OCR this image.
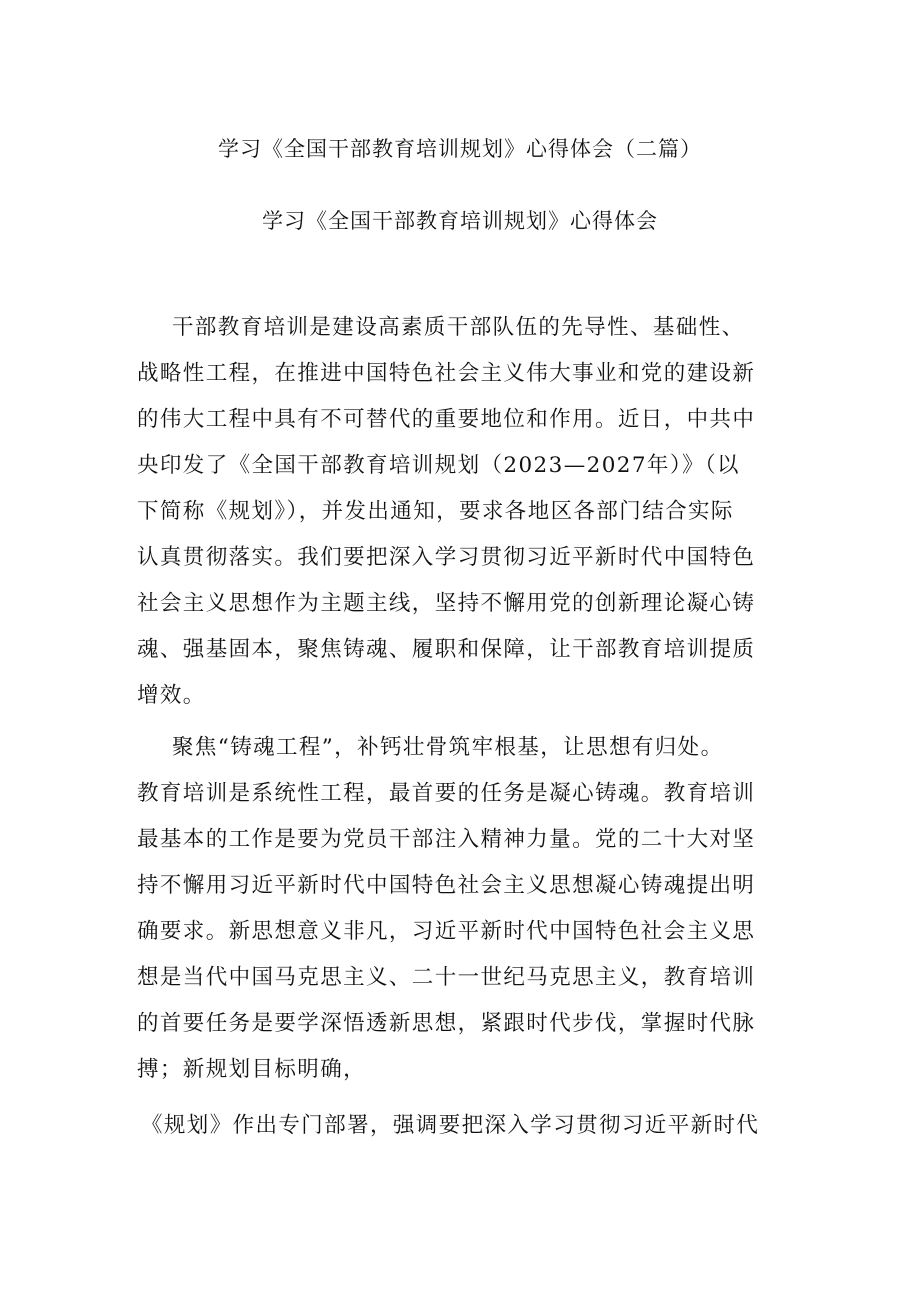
学习《全国干部教育培训规划》心得体会（二篇）
学习《全国干部教育培训规划》心得体会
干部教育培训是建设高素质干部队伍的先导性、基础性、
战略性工程，在推进中国特色社会主义伟大事业和党的建设新
的伟大工程中具有不可替代的重要地位和作用。近日，中共中
央印发了《全国干部教育培训规划（2023—2027年）》（以
下简称《规划》），并发出通知，要求各地区各部门结合实际
认真贯彻落实。我们要把深入学习贯彻习近平新时代中国特色
社会主义思想作为主题主线，坚持不懈用党的创新理论凝心铸
魂、强基固本，聚焦铸魂、履职和保障，让干部教育培训提质
增效。
聚焦“铸魂工程”，补钙壮骨筑牢根基，让思想有归处。
教育培训是系统性工程，最首要的任务是凝心铸魂。教育培训
最基本的工作是要为党员干部注入精神力量。党的二十大对坚
持不懈用习近平新时代中国特色社会主义思想凝心铸魂提出明
确要求。新思想意义非凡，习近平新时代中国特色社会主义思
想是当代中国马克思主义、二十一世纪马克思主义，教育培训
的首要任务是要学深悟透新思想，紧跟时代步伐，掌握时代脉
搏；新规划目标明确，
《规划》作出专门部署，强调要把深入学习贯彻习近平新时代
